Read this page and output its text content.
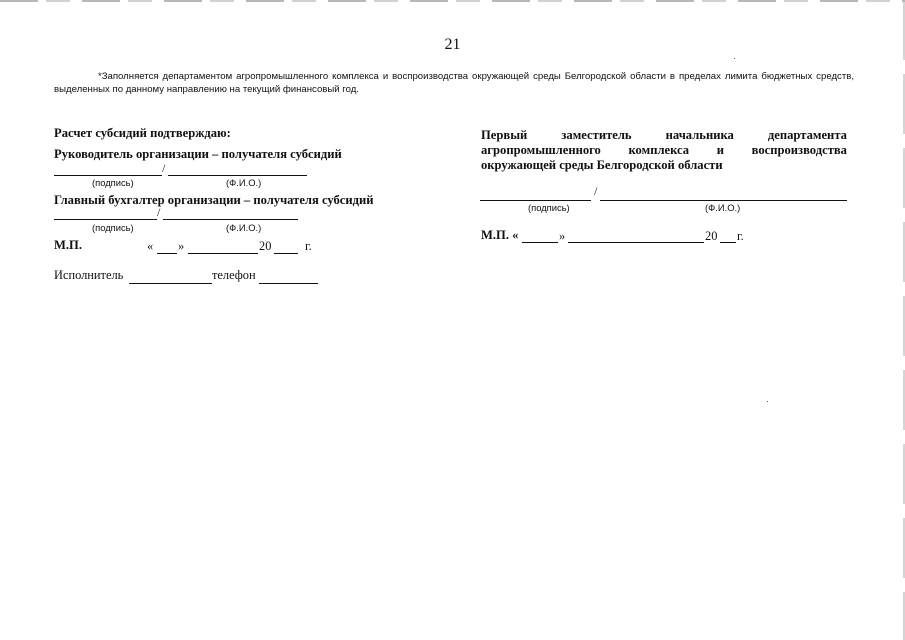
21
*Заполняется департаментом агропромышленного комплекса и воспроизводства окружающей среды Белгородской области в пределах лимита бюджетных средств, выделенных по данному направлению на текущий финансовый год.
Расчет субсидий подтверждаю:
Руководитель организации – получателя субсидий
/
(подпись)	(Ф.И.О.)
Главный бухгалтер организации – получателя субсидий
/
(подпись)	(Ф.И.О.)
М.П.	« »	20	г.
Исполнитель	телефон
Первый	заместитель	начальника	департамента
агропромышленного комплекса и воспроизводства
окружающей среды Белгородской области
/
(подпись)	(Ф.И.О.)
М.П. «	»	20 г.
